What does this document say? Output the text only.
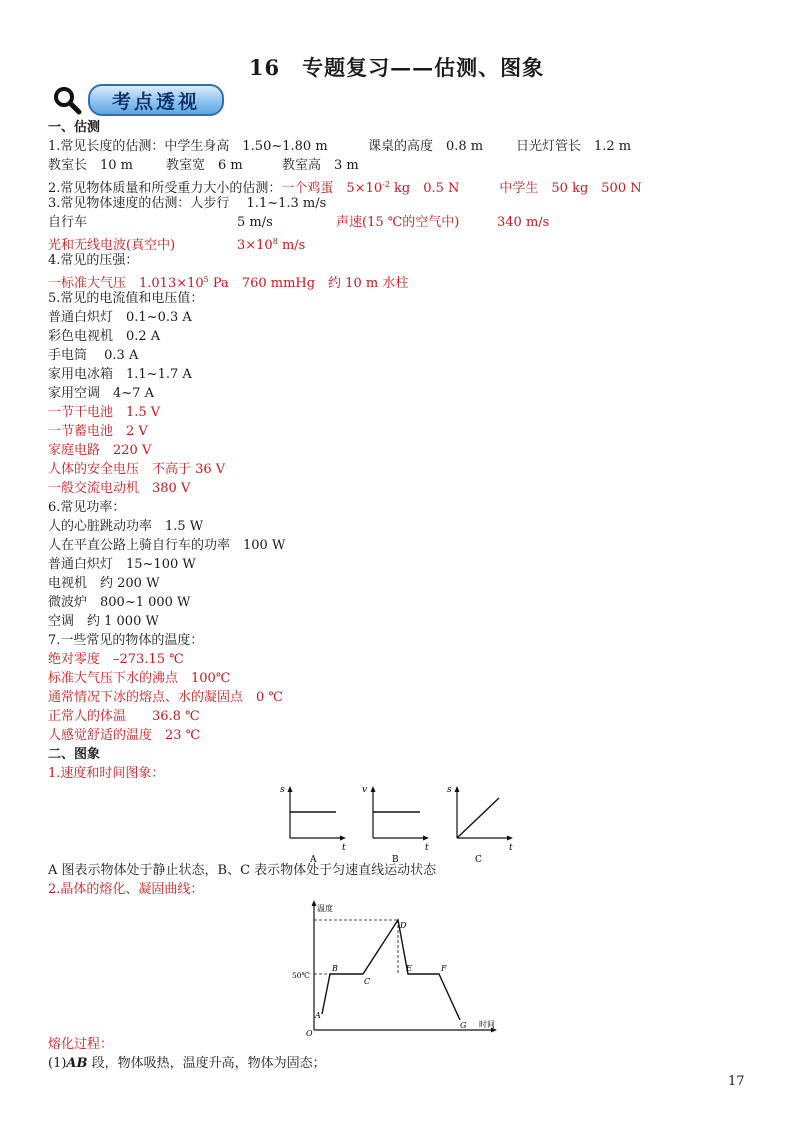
16　专题复习——估测、图象
考点透视
一、估测
1.常见长度的估测：中学生身高　1.50~1.80 m	课桌的高度　0.8 m	日光灯管长　1.2 m
教室长　10 m	教室宽　6 m	教室高　3 m
2.常见物体质量和所受重力大小的估测：一个鸡蛋　$5\times 10^{-2}$ kg　0.5 N	中学生　50 kg　500 N
3.常见物体速度的估测：人步行　 1.1~1.3 m/s
自行车	5 m/s	声速(15 ℃的空气中)	340 m/s
光和无线电波(真空中)	$3\times 10^8$ m/s
4.常见的压强：
一标准大气压　$1.013\times 10^5$ Pa　760 mmHg　约 10 m 水柱
5.常见的电流值和电压值：
普通白炽灯　0.1~0.3 A
彩色电视机　0.2 A
手电筒　 0.3 A
家用电冰箱　1.1~1.7 A
家用空调　4~7 A
一节干电池　1.5 V
一节蓄电池　2 V
家庭电路　220 V
人体的安全电压　不高于 36 V
一般交流电动机　380 V
6.常见功率：
人的心脏跳动功率　1.5 W
人在平直公路上骑自行车的功率　100 W
普通白炽灯　15~100 W
电视机　约 200 W
微波炉　800~1 000 W
空调　约 1 000 W
7.一些常见的物体的温度：
绝对零度　–273.15 ℃
标准大气压下水的沸点　100℃
通常情况下冰的熔点、水的凝固点　0 ℃
正常人的体温　　36.8 ℃
人感觉舒适的温度　23 ℃
二、图象
1.速度和时间图象：
s
t
A
v
t
B
s
t
C
A 图表示物体处于静止状态，B、C 表示物体处于匀速直线运动状态
2.晶体的熔化、凝固曲线：
温度
时间
50℃
O
A
B
C
D
E	F
G
熔化过程：
(1)AB 段，物体吸热，温度升高，物体为固态；
17
